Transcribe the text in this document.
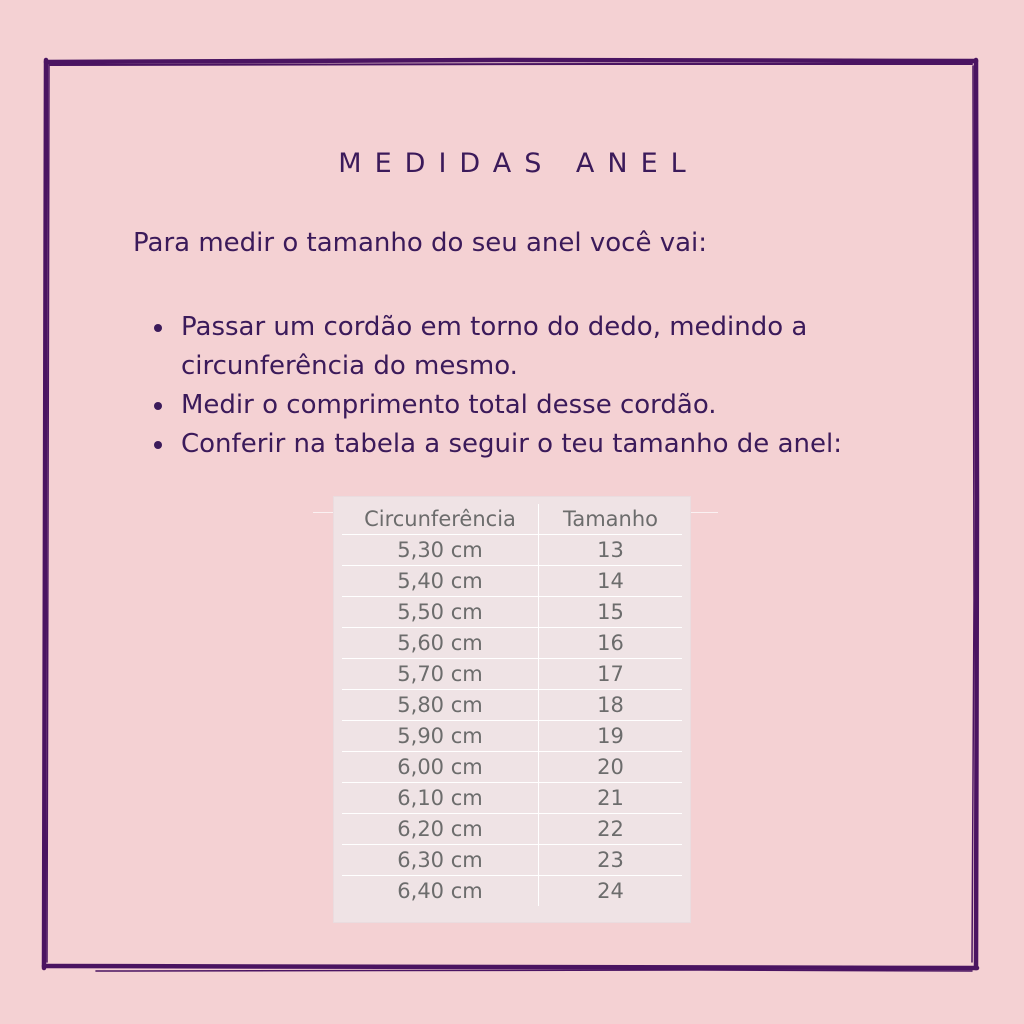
MEDIDAS ANEL

Para medir o tamanho do seu anel você vai:

Passar um cordão em torno do dedo, medindo a circunferência do mesmo.
Medir o comprimento total desse cordão.
Conferir na tabela a seguir o teu tamanho de anel:
Circunferência	Tamanho
5,30 cm	13
5,40 cm	14
5,50 cm	15
5,60 cm	16
5,70 cm	17
5,80 cm	18
5,90 cm	19
6,00 cm	20
6,10 cm	21
6,20 cm	22
6,30 cm	23
6,40 cm	24
